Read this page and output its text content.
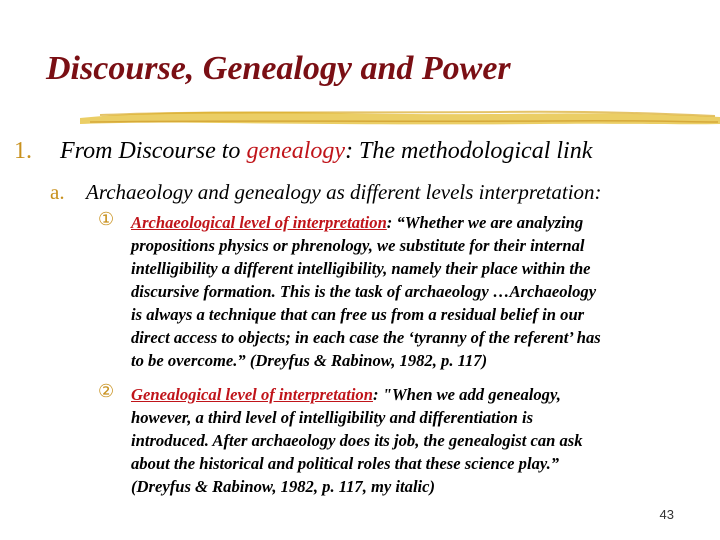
Discourse, Genealogy and Power
1. From Discourse to genealogy: The methodological link
a. Archaeology and genealogy as different levels interpretation:
① Archaeological level of interpretation: “Whether we are analyzing
propositions physics or phrenology, we substitute for their internal
intelligibility a different intelligibility, namely their place within the
discursive formation. This is the task of archaeology …Archaeology
is always a technique that can free us from a residual belief in our
direct access to objects; in each case the ‘tyranny of the referent’ has
to be overcome.” (Dreyfus & Rabinow, 1982, p. 117)
② Genealogical level of interpretation: "When we add genealogy,
however, a third level of intelligibility and differentiation is
introduced. After archaeology does its job, the genealogist can ask
about the historical and political roles that these science play.”
(Dreyfus & Rabinow, 1982, p. 117, my italic)
43
